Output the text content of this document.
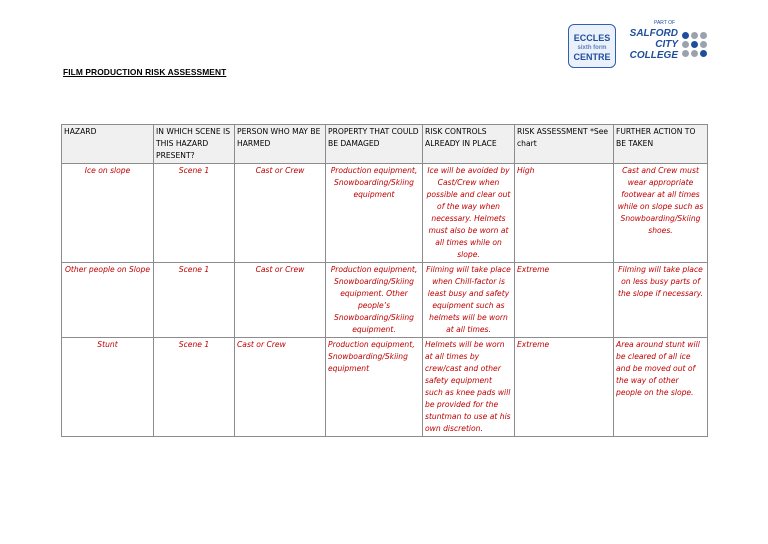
ECCLES

sixth form
CENTRE
PART OF
SALFORD
CITY
COLLEGE
FILM PRODUCTION RISK ASSESSMENT
HAZARD	IN WHICH SCENE IS THIS HAZARD PRESENT?	PERSON WHO MAY BE HARMED	PROPERTY THAT COULD BE DAMAGED	RISK CONTROLS ALREADY IN PLACE	RISK ASSESSMENT *See chart	FURTHER ACTION TO BE TAKEN
Ice on slope	Scene 1	Cast or Crew	Production equipment, Snowboarding/Skiing equipment	Ice will be avoided by Cast/Crew when possible and clear out of the way when necessary. Helmets must also be worn at all times while on slope.	High	Cast and Crew must wear appropriate footwear at all times while on slope such as Snowboarding/Skiing shoes.
Other people on Slope	Scene 1	Cast or Crew	Production equipment, Snowboarding/Skiing equipment. Other people’s Snowboarding/Skiing equipment.	Filming will take place when Chill-factor is least busy and safety equipment such as helmets will be worn at all times.	Extreme	Filming will take place on less busy parts of the slope if necessary.
Stunt	Scene 1	Cast or Crew	Production equipment, Snowboarding/Skiing equipment	Helmets will be worn at all times by crew/cast and other safety equipment such as knee pads will be provided for the stuntman to use at his own discretion.	Extreme	Area around stunt will be cleared of all ice and be moved out of the way of other people on the slope.
